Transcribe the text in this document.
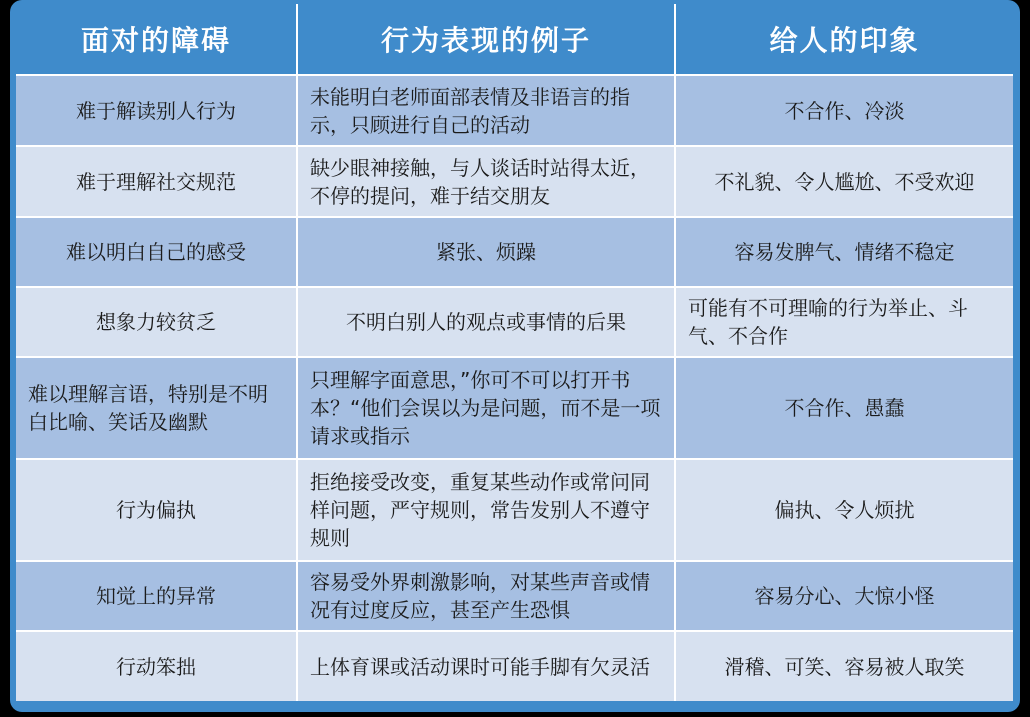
面对的障碍	行为表现的例子	给人的印象
难于解读别人行为	未能明白老师面部表情及非语言的指示，只顾进行自己的活动	不合作、冷淡
难于理解社交规范	缺少眼神接触，与人谈话时站得太近，不停的提问，难于结交朋友	不礼貌、令人尴尬、不受欢迎
难以明白自己的感受	紧张、烦躁	容易发脾气、情绪不稳定
想象力较贫乏	不明白别人的观点或事情的后果	可能有不可理喻的行为举止、斗气、不合作
难以理解言语，特别是不明白比喻、笑话及幽默	只理解字面意思，”你可不可以打开书本？“他们会误以为是问题，而不是一项请求或指示	不合作、愚蠢
行为偏执	拒绝接受改变，重复某些动作或常问同样问题，严守规则，常告发别人不遵守规则	偏执、令人烦扰
知觉上的异常	容易受外界刺激影响，对某些声音或情况有过度反应，甚至产生恐惧	容易分心、大惊小怪
行动笨拙	上体育课或活动课时可能手脚有欠灵活	滑稽、可笑、容易被人取笑
